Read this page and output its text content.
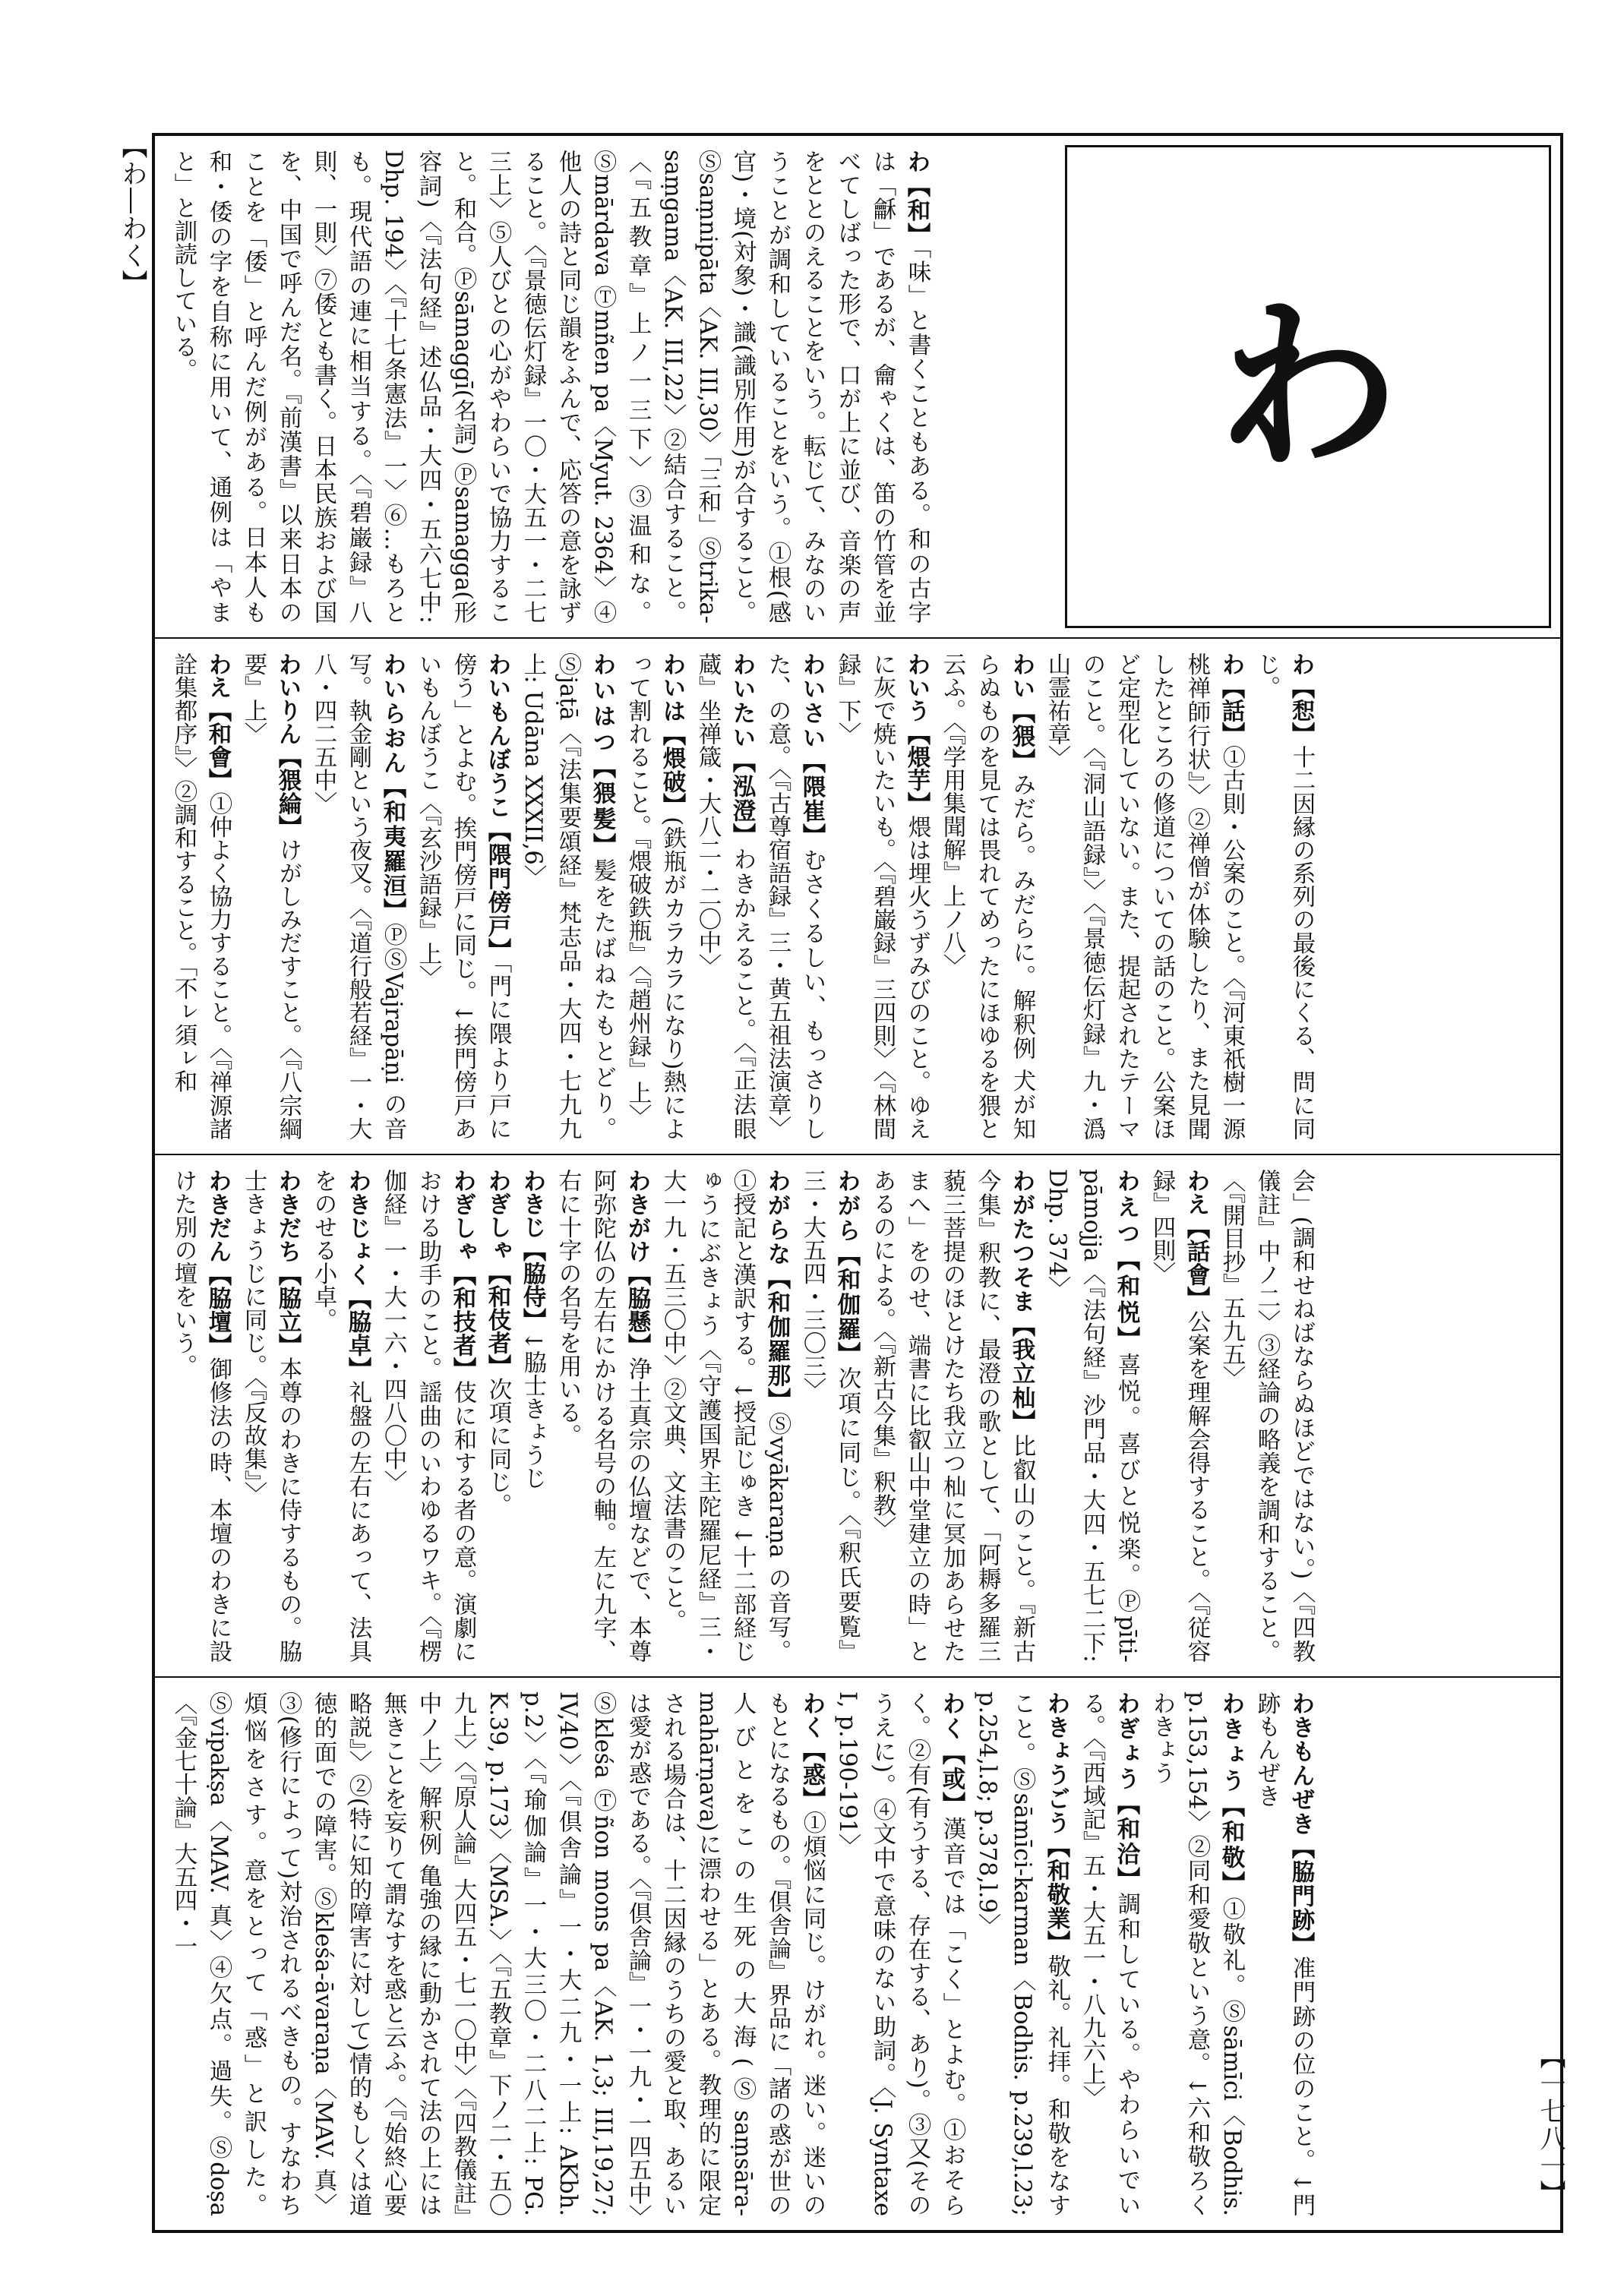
【わ―わく】
【一七八一】
わ
わ【和】「味」と書くこともある。和の古字は「龢」であるが、龠ゃくは、笛の竹管を並べてしばった形で、口が上に並び、音楽の声をととのえることをいう。転じて、みなのいうことが調和していることをいう。①根(感官)・境(対象)・識(識別作用)が合すること。Ⓢsaṃnipāta〈AK. III,30〉「三和」Ⓢtrika-saṃgama〈AK. III,22〉②結合すること。〈『五教章』上ノ一三下〉③温和な。Ⓢmārdava Ⓣmñen pa〈Myut. 2364〉④他人の詩と同じ韻をふんで、応答の意を詠ずること。〈『景徳伝灯録』一〇・大五一・二七三上〉⑤人びとの心がやわらいで協力すること。和合。Ⓟsāmaggī(名詞) Ⓟsamagga(形容詞)〈『法句経』述仏品・大四・五六七中: Dhp. 194〉〈『十七条憲法』一〉⑥…もろとも。現代語の連に相当する。〈『碧巌録』八則、一則〉⑦倭とも書く。日本民族および国を、中国で呼んだ名。『前漢書』以来日本のことを「倭」と呼んだ例がある。日本人も和・倭の字を自称に用いて、通例は「やまと」と訓読している。
わ【惒】十二因縁の系列の最後にくる、問に同じ。
わ【話】①古則・公案のこと。〈『河東祇樹一源桃禅師行状』〉②禅僧が体験したり、また見聞したところの修道についての話のこと。公案ほど定型化していない。また、提起されたテーマのこと。〈『洞山語録』〉〈『景徳伝灯録』九・潙山霊祐章〉
わい【猥】みだら。みだらに。解釈例 犬が知らぬものを見ては畏れてめったにほゆるを猥と云ふ。〈『学用集聞解』上ノ八〉
わいう【煨芋】煨は埋火うずみびのこと。ゆえに灰で焼いたいも。〈『碧巌録』三四則〉〈『林間録』下〉
わいさい【隈崔】むさくるしい、もっさりした、の意。〈『古尊宿語録』三・黄五祖法演章〉
わいたい【泓澄】わきかえること。〈『正法眼蔵』坐禅箴・大八二・二〇中〉
わいは【煨破】(鉄瓶がカラカラになり)熱によって割れること。『煨破鉄瓶』〈『趙州録』上〉
わいはつ【猥髪】髪をたばねたもとどり。Ⓢjaṭā〈『法集要頌経』梵志品・大四・七九九上: Udāna XXXII,6〉
わいもんぼうこ【隈門傍戸】「門に隈より戸に傍う」とよむ。挨門傍戸に同じ。↓挨門傍戸あいもんぼうこ〈『玄沙語録』上〉
わいらおん【和夷羅洹】ⓅⓈVajrapāṇi の音写。執金剛という夜叉。〈『道行般若経』一・大八・四二五中〉
わいりん【猥綸】けがしみだすこと。〈『八宗綱要』上〉
わえ【和會】①仲よく協力すること。〈『禅源諸詮集都序』〉②調和すること。「不ㇾ須ㇾ和
会」(調和せねばならぬほどではない。)〈『四教儀註』中ノ二〉③経論の略義を調和すること。〈『開目抄』五九五〉
わえ【話會】公案を理解会得すること。〈『従容録』四則〉
わえつ【和悦】喜悦。喜びと悦楽。Ⓟpīti-pāmojja〈『法句経』沙門品・大四・五七二下: Dhp. 374〉
わがたつそま【我立杣】比叡山のこと。『新古今集』釈教に、最澄の歌として、「阿耨多羅三藐三菩提のほとけたち我立つ杣に冥加あらせたまへ」をのせ、端書に比叡山中堂建立の時」とあるのによる。〈『新古今集』釈教〉
わがら【和伽羅】次項に同じ。〈『釈氏要覧』三・大五四・三〇三〉
わがらな【和伽羅那】Ⓢvyākaraṇa の音写。①授記と漢訳する。↓授記じゅき ↓十二部経じゅうにぶきょう〈『守護国界主陀羅尼経』三・大一九・五三〇中〉②文典、文法書のこと。
わきがけ【脇懸】浄土真宗の仏壇などで、本尊阿弥陀仏の左右にかける名号の軸。左に九字、右に十字の名号を用いる。
わきじ【脇侍】↓脇士きょうじ
わぎしゃ【和伎者】次項に同じ。
わぎしゃ【和技者】伎に和する者の意。演劇における助手のこと。謡曲のいわゆるワキ。〈『楞伽経』一・大一六・四八〇中〉
わきじょく【脇卓】礼盤の左右にあって、法具をのせる小卓。
わきだち【脇立】本尊のわきに侍するもの。脇士きょうじに同じ。〈『反故集』〉
わきだん【脇壇】御修法の時、本壇のわきに設けた別の壇をいう。
わきもんぜき【脇門跡】准門跡の位のこと。↓門跡もんぜき
わきょう【和敬】①敬礼。Ⓢsāmīci〈Bodhis. p.153,154〉②同和愛敬という意。↓六和敬ろくわきょう
わぎょう【和洽】調和している。やわらいでいる。〈『西域記』五・大五一・八九六上〉
わきょうごう【和敬業】敬礼。礼拝。和敬をなすこと。Ⓢsāmīci-karman〈Bodhis. p.239,l.23; p.254,l.8; p.378,l.9〉
わく【或】漢音では「こく」とよむ。①おそらく。②有(有うする、存在する、あり)。③又(そのうえに)。④文中で意味のない助詞。〈J. Syntaxe I, p.190-191〉
わく【惑】①煩悩に同じ。けがれ。迷い。迷いのもとになるもの。『倶舎論』界品に「諸の惑が世の人びとをこの生死の大海(Ⓢsaṃsāra-mahārṇava)に漂わせる」とある。教理的に限定される場合は、十二因縁のうちの愛と取、あるいは愛が惑である。〈『倶舎論』一・一九・一四五中〉Ⓢkleśa Ⓣñon mons pa〈AK. 1,3; III,19,27; IV,40〉〈『倶舎論』一・大二九・一上: AKbh. p.2〉〈『瑜伽論』一・大三〇・二八二上: PG. K.39, p.173〉〈MSA.〉〈『五教章』下ノ二・五〇九上〉〈『原人論』大四五・七一〇中〉〈『四教儀註』中ノ上〉解釈例 亀強の縁に動かされて法の上には無きことを妄りて謂なすを惑と云ふ。〈『始終心要略説』〉②(特に知的障害に対して)情的もしくは道徳的面での障害。Ⓢkleśa-āvaraṇa〈MAV. 真〉③(修行によって)対治されるべきもの。すなわち煩悩をさす。意をとって「惑」と訳した。Ⓢvipakṣa〈MAV. 真〉④欠点。過失。Ⓢdoṣa〈『金七十論』大五四・一
